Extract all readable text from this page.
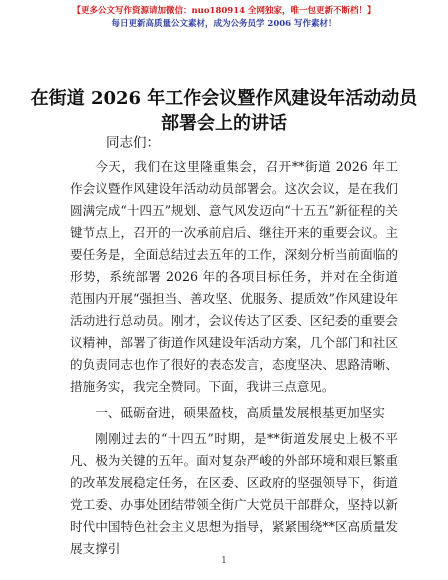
【更多公文写作资源请加微信：nuo180914 全网独家，唯一包更新不断档！】
每日更新高质量公文素材，成为公务员学 2006 写作素材！
在街道 2026 年工作会议暨作风建设年活动动员
部署会上的讲话
同志们：

今天，我们在这里隆重集会，召开**街道 2026 年工作会议暨作风建设年活动动员部署会。这次会议，是在我们圆满完成“十四五”规划、意气风发迈向“十五五”新征程的关键节点上，召开的一次承前启后、继往开来的重要会议。主要任务是，全面总结过去五年的工作，深刻分析当前面临的形势，系统部署 2026 年的各项目标任务，并对在全街道范围内开展“强担当、善攻坚、优服务、提质效”作风建设年活动进行总动员。刚才，会议传达了区委、区纪委的重要会议精神，部署了街道作风建设年活动方案，几个部门和社区的负责同志也作了很好的表态发言，态度坚决、思路清晰、措施务实，我完全赞同。下面，我讲三点意见。

一、砥砺奋进，硕果盈枝，高质量发展根基更加坚实

刚刚过去的“十四五”时期，是**街道发展史上极不平凡、极为关键的五年。面对复杂严峻的外部环境和艰巨繁重的改革发展稳定任务，在区委、区政府的坚强领导下，街道党工委、办事处团结带领全街广大党员干部群众，坚持以新时代中国特色社会主义思想为指导，紧紧围绕**区高质量发展支撑引

1
